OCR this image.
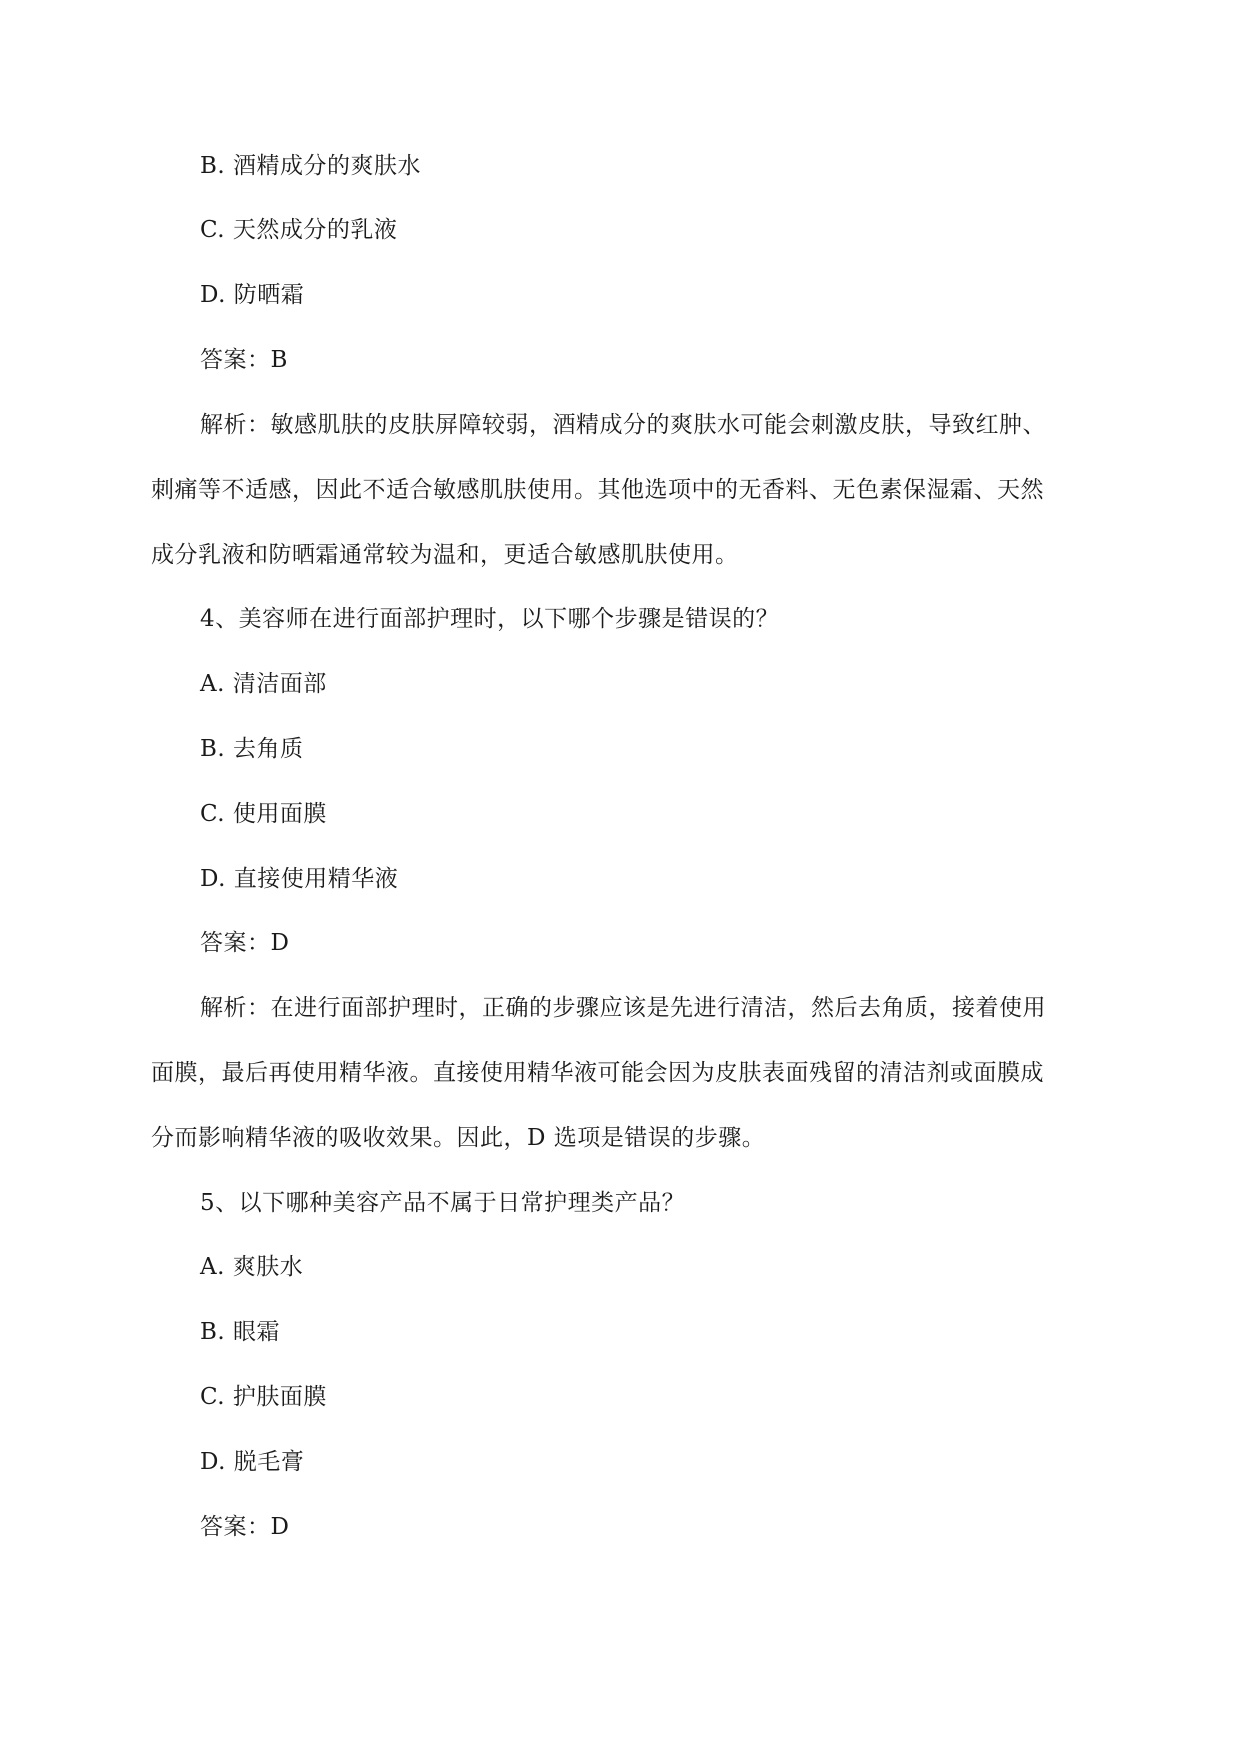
B. 酒精成分的爽肤水
C. 天然成分的乳液
D. 防晒霜
答案：B
解析：敏感肌肤的皮肤屏障较弱，酒精成分的爽肤水可能会刺激皮肤，导致红肿、
刺痛等不适感，因此不适合敏感肌肤使用。其他选项中的无香料、无色素保湿霜、天然
成分乳液和防晒霜通常较为温和，更适合敏感肌肤使用。
4、美容师在进行面部护理时，以下哪个步骤是错误的？
A. 清洁面部
B. 去角质
C. 使用面膜
D. 直接使用精华液
答案：D
解析：在进行面部护理时，正确的步骤应该是先进行清洁，然后去角质，接着使用
面膜，最后再使用精华液。直接使用精华液可能会因为皮肤表面残留的清洁剂或面膜成
分而影响精华液的吸收效果。因此，D 选项是错误的步骤。
5、以下哪种美容产品不属于日常护理类产品？
A. 爽肤水
B. 眼霜
C. 护肤面膜
D. 脱毛膏
答案：D
